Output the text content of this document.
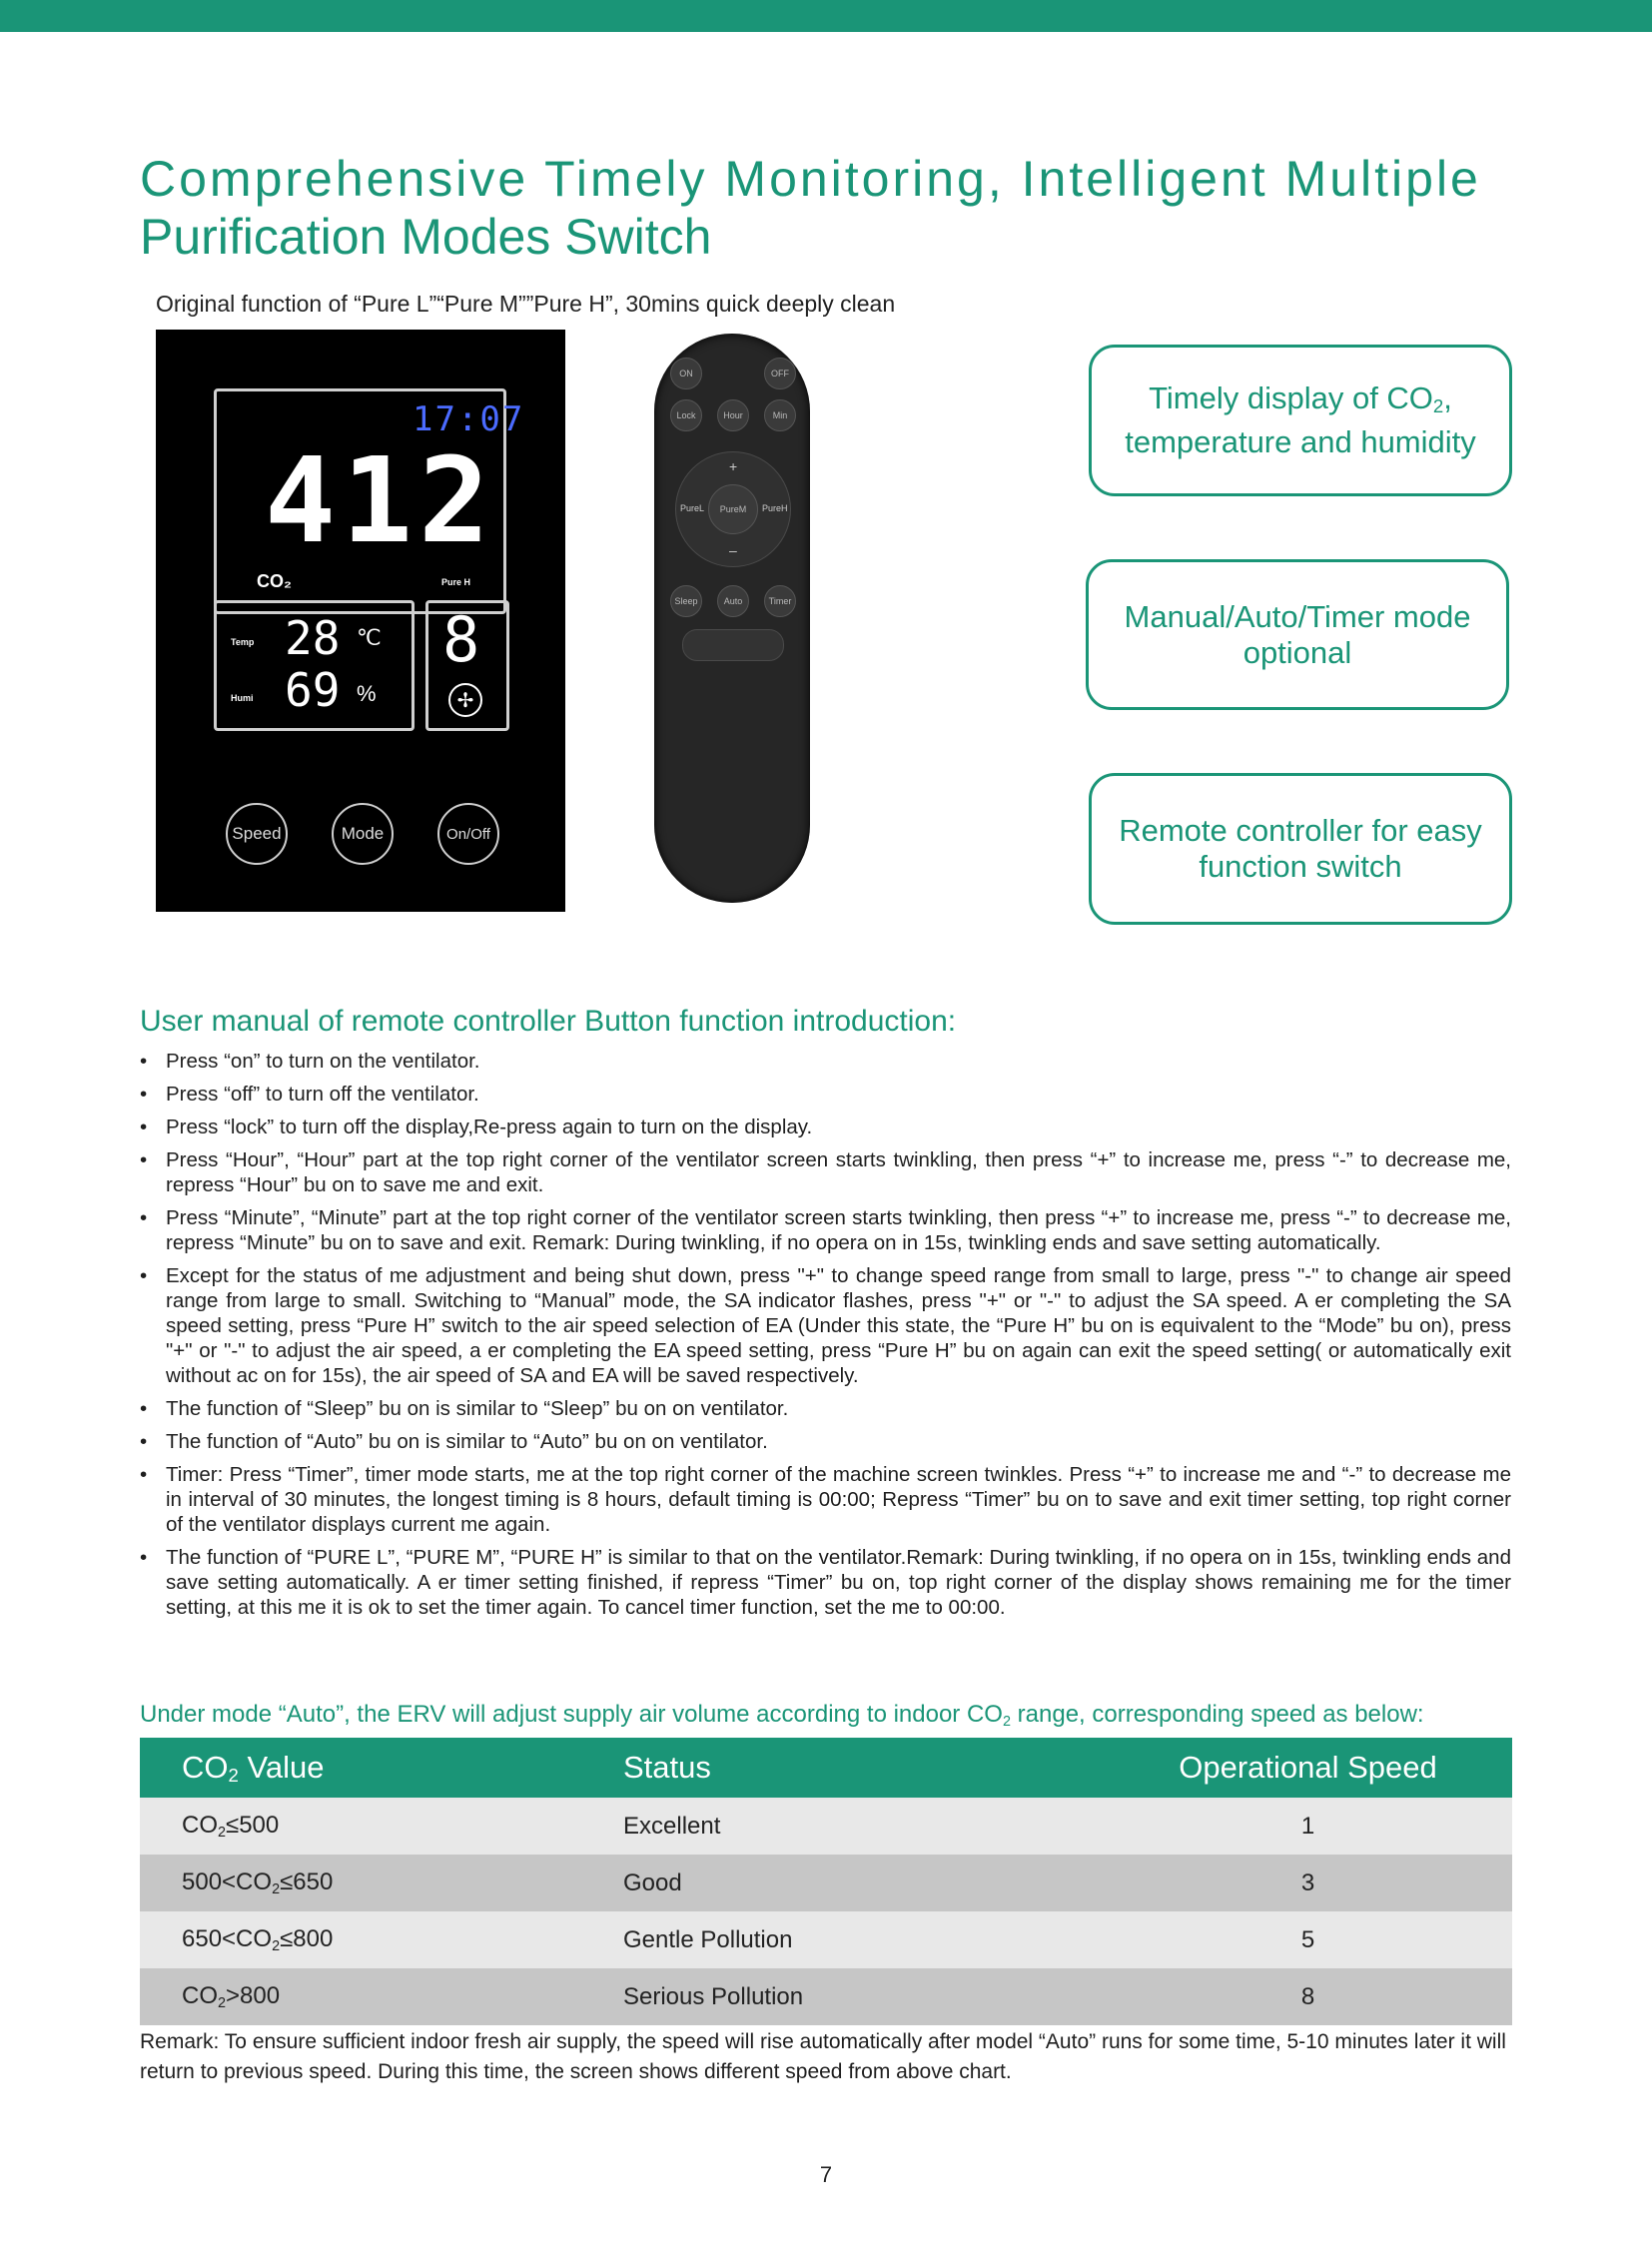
Comprehensive Timely Monitoring, Intelligent Multiple
Purification Modes Switch
Original function of “Pure L”“Pure M””Pure H”, 30mins quick deeply clean
17:07
412
CO₂	Pure H
Temp 28 ℃
Humi 69 %
8
✢
Speed	Mode	On/Off
ON	OFF
Lock	Hour	Min
+
–
PureL	PureM	PureH
Sleep	Auto	Timer
Timely display of $CO_2$,
temperature and humidity
Manual/Auto/Timer mode
optional
Remote controller for easy
function switch
User manual of remote controller Button function introduction:
• Press “on” to turn on the ventilator.
• Press “off” to turn off the ventilator.
• Press “lock” to turn off the display,Re-press again to turn on the display.
• Press “Hour”, “Hour” part at the top right corner of the ventilator screen starts twinkling, then press “+” to increase me, press “-” to decrease me, repress “Hour” bu on to save me and exit.
• Press “Minute”, “Minute” part at the top right corner of the ventilator screen starts twinkling, then press “+” to increase me, press “-” to decrease me, repress “Minute” bu on to save and exit. Remark: During twinkling, if no opera on in 15s, twinkling ends and save setting automatically.
• Except for the status of me adjustment and being shut down, press "+" to change speed range from small to large, press "-" to change air speed range from large to small. Switching to “Manual” mode, the SA indicator flashes, press "+" or "-" to adjust the SA speed. A er completing the SA speed setting, press “Pure H” switch to the air speed selection of EA (Under this state, the “Pure H” bu on is equivalent to the “Mode” bu on), press "+" or "-" to adjust the air speed, a er completing the EA speed setting, press “Pure H” bu on again can exit the speed setting( or automatically exit without ac on for 15s), the air speed of SA and EA will be saved respectively.
• The function of “Sleep” bu on is similar to “Sleep” bu on on ventilator.
• The function of “Auto” bu on is similar to “Auto” bu on on ventilator.
• Timer: Press “Timer”, timer mode starts, me at the top right corner of the machine screen twinkles. Press “+” to increase me and “-” to decrease me in interval of 30 minutes, the longest timing is 8 hours, default timing is 00:00; Repress “Timer” bu on to save and exit timer setting, top right corner of the ventilator displays current me again.
• The function of “PURE L”, “PURE M”, “PURE H” is similar to that on the ventilator.Remark: During twinkling, if no opera on in 15s, twinkling ends and save setting automatically. A er timer setting finished, if repress “Timer” bu on, top right corner of the display shows remaining me for the timer setting, at this me it is ok to set the timer again. To cancel timer function, set the me to 00:00.
Under mode “Auto”, the ERV will adjust supply air volume according to indoor $CO_2$ range, corresponding speed as below:
$CO_2$ Value	Status	Operational Speed
$CO_2\le 500$	Excellent	1
$500<CO_2\le 650$	Good	3
$650<CO_2\le 800$	Gentle Pollution	5
$CO_2>800$	Serious Pollution	8
Remark: To ensure sufficient indoor fresh air supply, the speed will rise automatically after model “Auto” runs for some time, 5-10 minutes later it will return to previous speed. During this time, the screen shows different speed from above chart.
7
